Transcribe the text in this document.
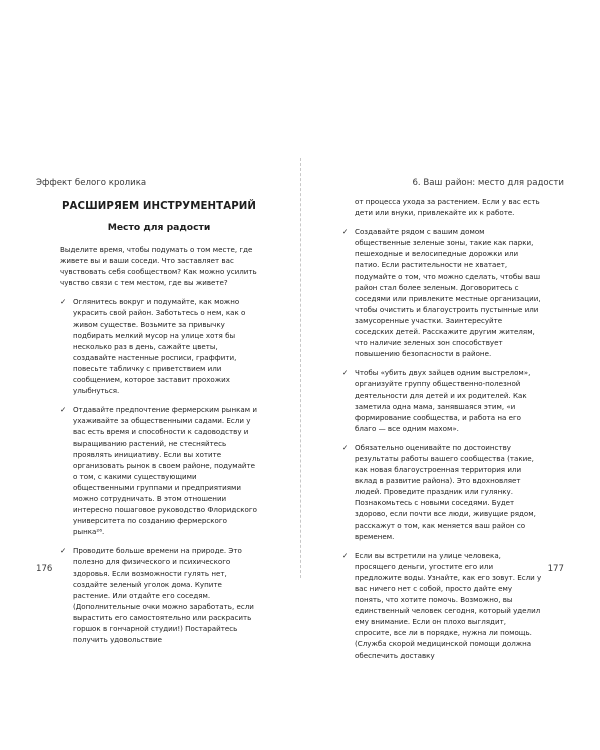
Эффект белого кролика
РАСШИРЯЕМ ИНСТРУМЕНТАРИЙ
Место для радости

Выделите время, чтобы подумать о том месте, где живете вы и ваши соседи. Что заставляет вас чувствовать себя сообществом? Как можно усилить чувство связи с тем местом, где вы живете?

✓ Оглянитесь вокруг и подумайте, как можно украсить свой район. Заботьтесь о нем, как о живом существе. Возьмите за привычку подбирать мелкий мусор на улице хотя бы несколько раз в день, сажайте цветы, создавайте настенные росписи, граффити, повесьте табличку с приветствием или сообщением, которое заставит прохожих улыбнуться.
✓ Отдавайте предпочтение фермерским рынкам и ухаживайте за общественными садами. Если у вас есть время и способности к садоводству и выращиванию растений, не стесняйтесь проявлять инициативу. Если вы хотите организовать рынок в своем районе, подумайте о том, с какими существующими общественными группами и предприятиями можно сотрудничать. В этом отношении интересно пошаговое руководство Флоридского университета по созданию фермерского рынка²⁶.
✓ Проводите больше времени на природе. Это полезно для физического и психического здоровья. Если возможности гулять нет, создайте зеленый уголок дома. Купите растение. Или отдайте его соседям. (Дополнительные очки можно заработать, если вырастить его самостоятельно или раскрасить горшок в гончарной студии!) Постарайтесь получить удовольствие
176
6. Ваш район: место для радости

от процесса ухода за растением. Если у вас есть дети или внуки, привлекайте их к работе.

✓ Создавайте рядом с вашим домом общественные зеленые зоны, такие как парки, пешеходные и велосипедные дорожки или патио. Если растительности не хватает, подумайте о том, что можно сделать, чтобы ваш район стал более зеленым. Договоритесь с соседями или привлеките местные организации, чтобы очистить и благоустроить пустынные или замусоренные участки. Заинтересуйте соседских детей. Расскажите другим жителям, что наличие зеленых зон способствует повышению безопасности в районе.
✓ Чтобы «убить двух зайцев одним выстрелом», организуйте группу общественно-полезной деятельности для детей и их родителей. Как заметила одна мама, занявшаяся этим, «и формирование сообщества, и работа на его благо — все одним махом».
✓ Обязательно оценивайте по достоинству результаты работы вашего сообщества (такие, как новая благоустроенная территория или вклад в развитие района). Это вдохновляет людей. Проведите праздник или гулянку. Познакомьтесь с новыми соседями. Будет здорово, если почти все люди, живущие рядом, расскажут о том, как меняется ваш район со временем.
✓ Если вы встретили на улице человека, просящего деньги, угостите его или предложите воды. Узнайте, как его зовут. Если у вас ничего нет с собой, просто дайте ему понять, что хотите помочь. Возможно, вы единственный человек сегодня, который уделил ему внимание. Если он плохо выглядит, спросите, все ли в порядке, нужна ли помощь. (Служба скорой медицинской помощи должна обеспечить доставку
177
